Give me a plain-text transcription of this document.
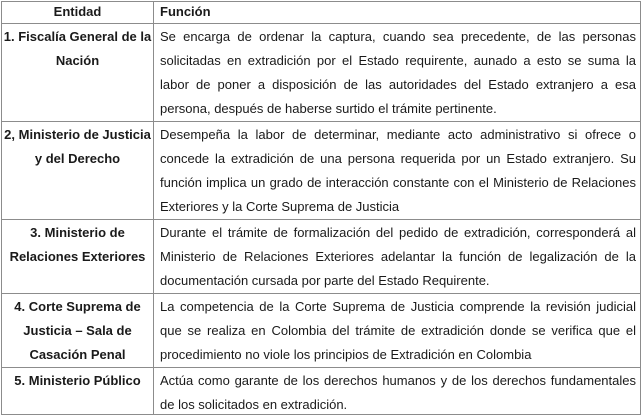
Entidad	Función
1. Fiscalía General de la Nación
Se encarga de ordenar la captura, cuando sea precedente, de las personas solicitadas en extradición por el Estado requirente, aunado a esto se suma la labor de poner a disposición de las autoridades del Estado extranjero a esa persona, después de haberse surtido el trámite pertinente.
2, Ministerio de Justicia y del Derecho
Desempeña la labor de determinar, mediante acto administrativo si ofrece o concede la extradición de una persona requerida por un Estado extranjero. Su función implica un grado de interacción constante con el Ministerio de Relaciones Exteriores y la Corte Suprema de Justicia
3. Ministerio de Relaciones Exteriores
Durante el trámite de formalización del pedido de extradición, corresponderá al Ministerio de Relaciones Exteriores adelantar la función de legalización de la documentación cursada por parte del Estado Requirente.
4. Corte Suprema de Justicia – Sala de Casación Penal
La competencia de la Corte Suprema de Justicia comprende la revisión judicial que se realiza en Colombia del trámite de extradición donde se verifica que el procedimiento no viole los principios de Extradición en Colombia
5. Ministerio Público	Actúa como garante de los derechos humanos y de los derechos fundamentales de los solicitados en extradición.
